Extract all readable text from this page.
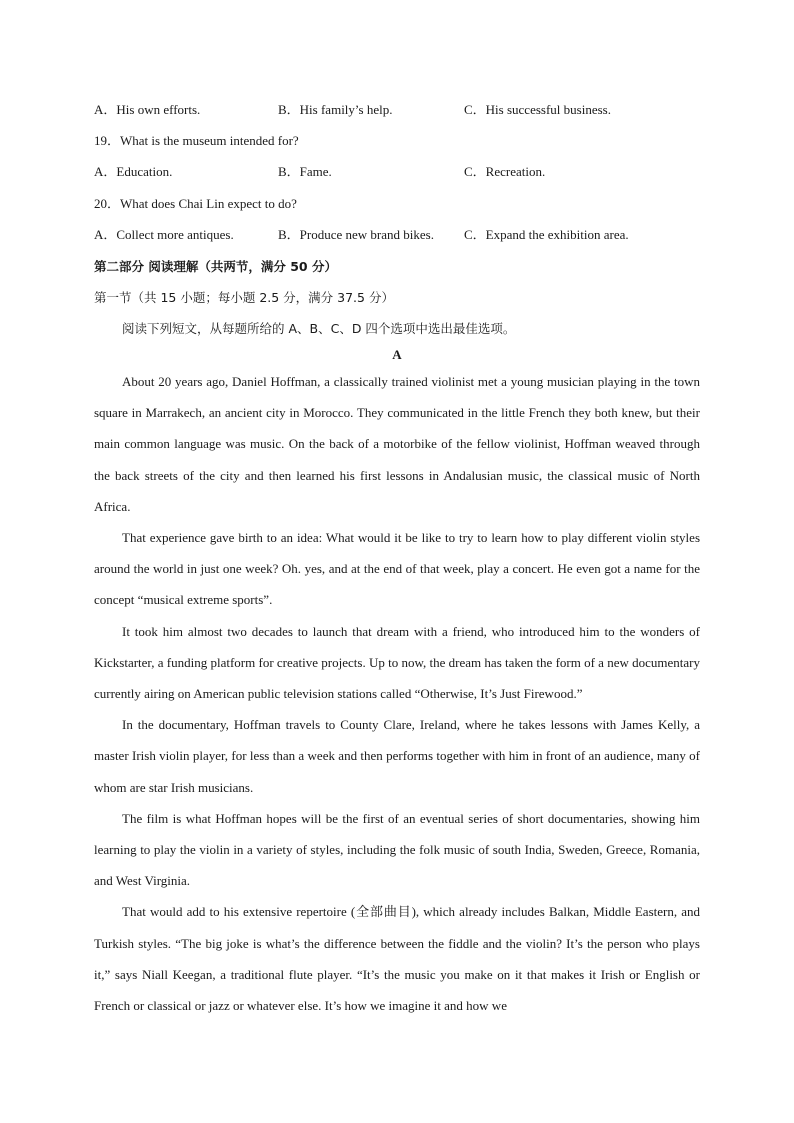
A．His own efforts.	B．His family’s help.	C．His successful business.
19．What is the museum intended for?
A．Education.	B．Fame.	C．Recreation.
20．What does Chai Lin expect to do?
A．Collect more antiques.	B．Produce new brand bikes. C．Expand the exhibition area.
第二部分 阅读理解（共两节，满分 50 分）
第一节（共 15 小题；每小题 2.5 分，满分 37.5 分）
阅读下列短文，从每题所给的 A、B、C、D 四个选项中选出最佳选项。
A

About 20 years ago, Daniel Hoffman, a classically trained violinist met a young musician playing in the town square in Marrakech, an ancient city in Morocco. They communicated in the little French they both knew, but their main common language was music. On the back of a motorbike of the fellow violinist, Hoffman weaved through the back streets of the city and then learned his first lessons in Andalusian music, the classical music of North Africa.

That experience gave birth to an idea: What would it be like to try to learn how to play different violin styles around the world in just one week? Oh. yes, and at the end of that week, play a concert. He even got a name for the concept “musical extreme sports”.

It took him almost two decades to launch that dream with a friend, who introduced him to the wonders of Kickstarter, a funding platform for creative projects. Up to now, the dream has taken the form of a new documentary currently airing on American public television stations called “Otherwise, It’s Just Firewood.”

In the documentary, Hoffman travels to County Clare, Ireland, where he takes lessons with James Kelly, a master Irish violin player, for less than a week and then performs together with him in front of an audience, many of whom are star Irish musicians.

The film is what Hoffman hopes will be the first of an eventual series of short documentaries, showing him learning to play the violin in a variety of styles, including the folk music of south India, Sweden, Greece, Romania, and West Virginia.

That would add to his extensive repertoire (全部曲目), which already includes Balkan, Middle Eastern, and Turkish styles. “The big joke is what’s the difference between the fiddle and the violin? It’s the person who plays it,” says Niall Keegan, a traditional flute player. “It’s the music you make on it that makes it Irish or English or French or classical or jazz or whatever else. It’s how we imagine it and how we
